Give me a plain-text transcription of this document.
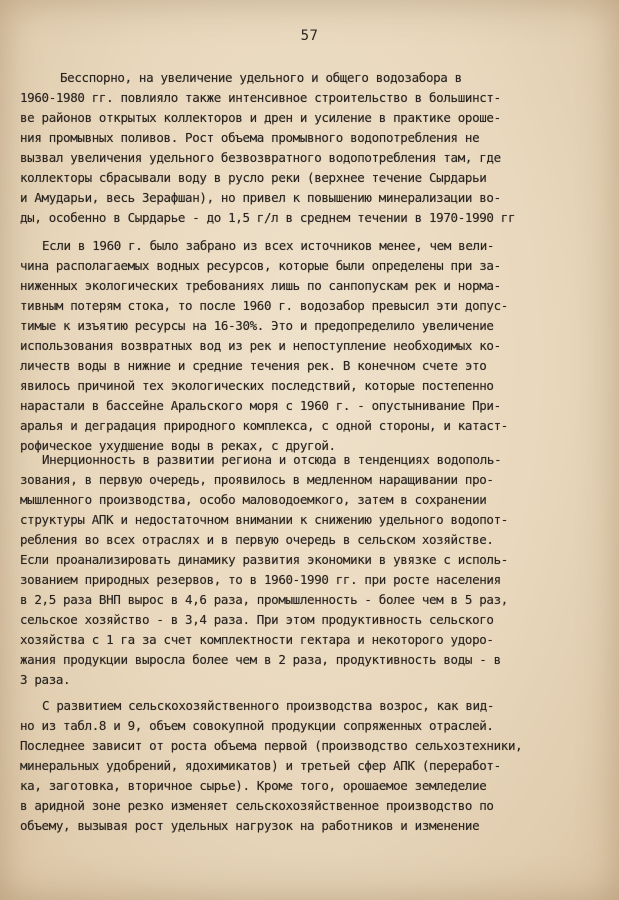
57
Бесспорно, на увеличение удельного и общего водозабора в
1960-1980 гг. повлияло также интенсивное строительство в большинст-
ве районов открытых коллекторов и дрен и усиление в практике ороше-
ния промывных поливов. Рост объема промывного водопотребления не
вызвал увеличения удельного безвозвратного водопотребления там, где
коллекторы сбрасывали воду в русло реки (верхнее течение Сырдарьи
и Амударьи, весь Зерафшан), но привел к повышению минерализации во-
ды, особенно в Сырдарье - до 1,5 г/л в среднем течении в 1970-1990 гг
Если в 1960 г. было забрано из всех источников менее, чем вели-
чина располагаемых водных ресурсов, которые были определены при за-
ниженных экологических требованиях лишь по санпопускам рек и норма-
тивным потерям стока, то после 1960 г. водозабор превысил эти допус-
тимые к изъятию ресурсы на 16-30%. Это и предопределило увеличение
использования возвратных вод из рек и непоступление необходимых ко-
личеств воды в нижние и средние течения рек. В конечном счете это
явилось причиной тех экологических последствий, которые постепенно
нарастали в бассейне Аральского моря с 1960 г. - опустынивание При-
аралья и деградация природного комплекса, с одной стороны, и катаст-
рофическое ухудшение воды в реках, с другой.
Инерционность в развитии региона и отсюда в тенденциях водополь-
зования, в первую очередь, проявилось в медленном наращивании про-
мышленного производства, особо маловодоемкого, затем в сохранении
структуры АПК и недостаточном внимании к снижению удельного водопот-
ребления во всех отраслях и в первую очередь в сельском хозяйстве.
Если проанализировать динамику развития экономики в увязке с исполь-
зованием природных резервов, то в 1960-1990 гг. при росте населения
в 2,5 раза ВНП вырос в 4,6 раза, промышленность - более чем в 5 раз,
сельское хозяйство - в 3,4 раза. При этом продуктивность сельского
хозяйства с 1 га за счет комплектности гектара и некоторого удоро-
жания продукции выросла более чем в 2 раза, продуктивность воды - в
3 раза.
С развитием сельскохозяйственного производства возрос, как вид-
но из табл.8 и 9, объем совокупной продукции сопряженных отраслей.
Последнее зависит от роста объема первой (производство сельхозтехники,
минеральных удобрений, ядохимикатов) и третьей сфер АПК (переработ-
ка, заготовка, вторичное сырье). Кроме того, орошаемое земледелие
в аридной зоне резко изменяет сельскохозяйственное производство по
объему, вызывая рост удельных нагрузок на работников и изменение
